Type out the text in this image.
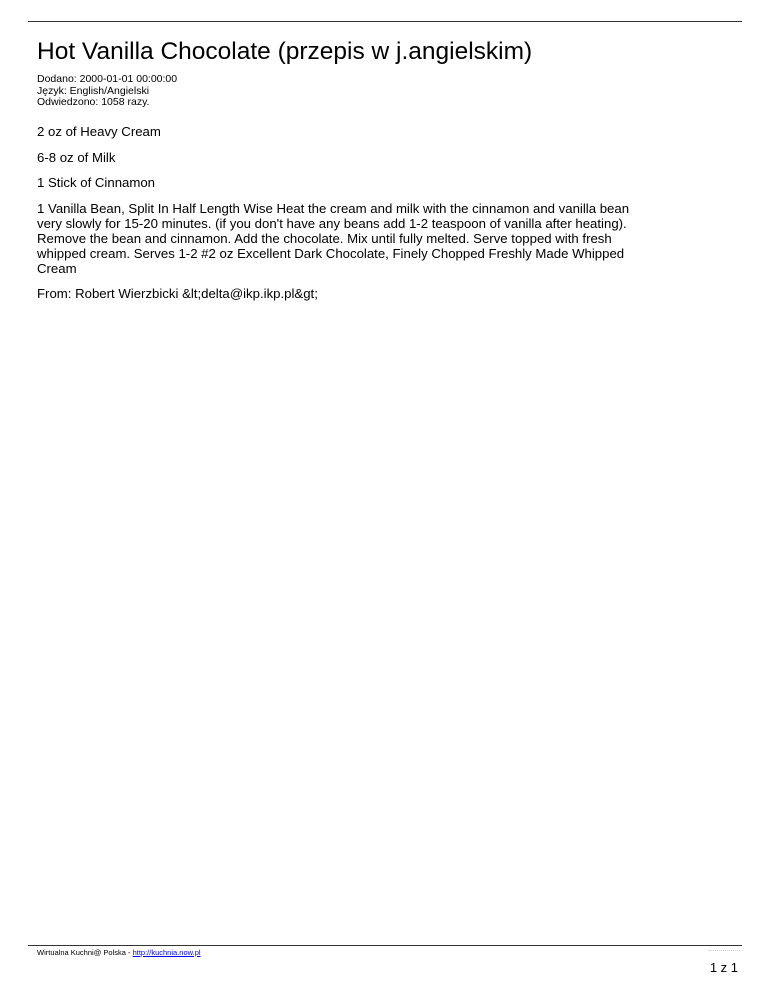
Hot Vanilla Chocolate (przepis w j.angielskim)
Dodano: 2000-01-01 00:00:00
Język: English/Angielski
Odwiedzono: 1058 razy.

2 oz of Heavy Cream

6-8 oz of Milk

1 Stick of Cinnamon

1 Vanilla Bean, Split In Half Length Wise Heat the cream and milk with the cinnamon and vanilla bean very slowly for 15-20 minutes. (if you don't have any beans add 1-2 teaspoon of vanilla after heating). Remove the bean and cinnamon. Add the chocolate. Mix until fully melted. Serve topped with fresh whipped cream. Serves 1-2 #2 oz Excellent Dark Chocolate, Finely Chopped Freshly Made Whipped Cream

From: Robert Wierzbicki &lt;delta@ikp.ikp.pl&gt;

Wirtualna Kuchni@ Polska - http://kuchnia.now.pl
1 z 1
